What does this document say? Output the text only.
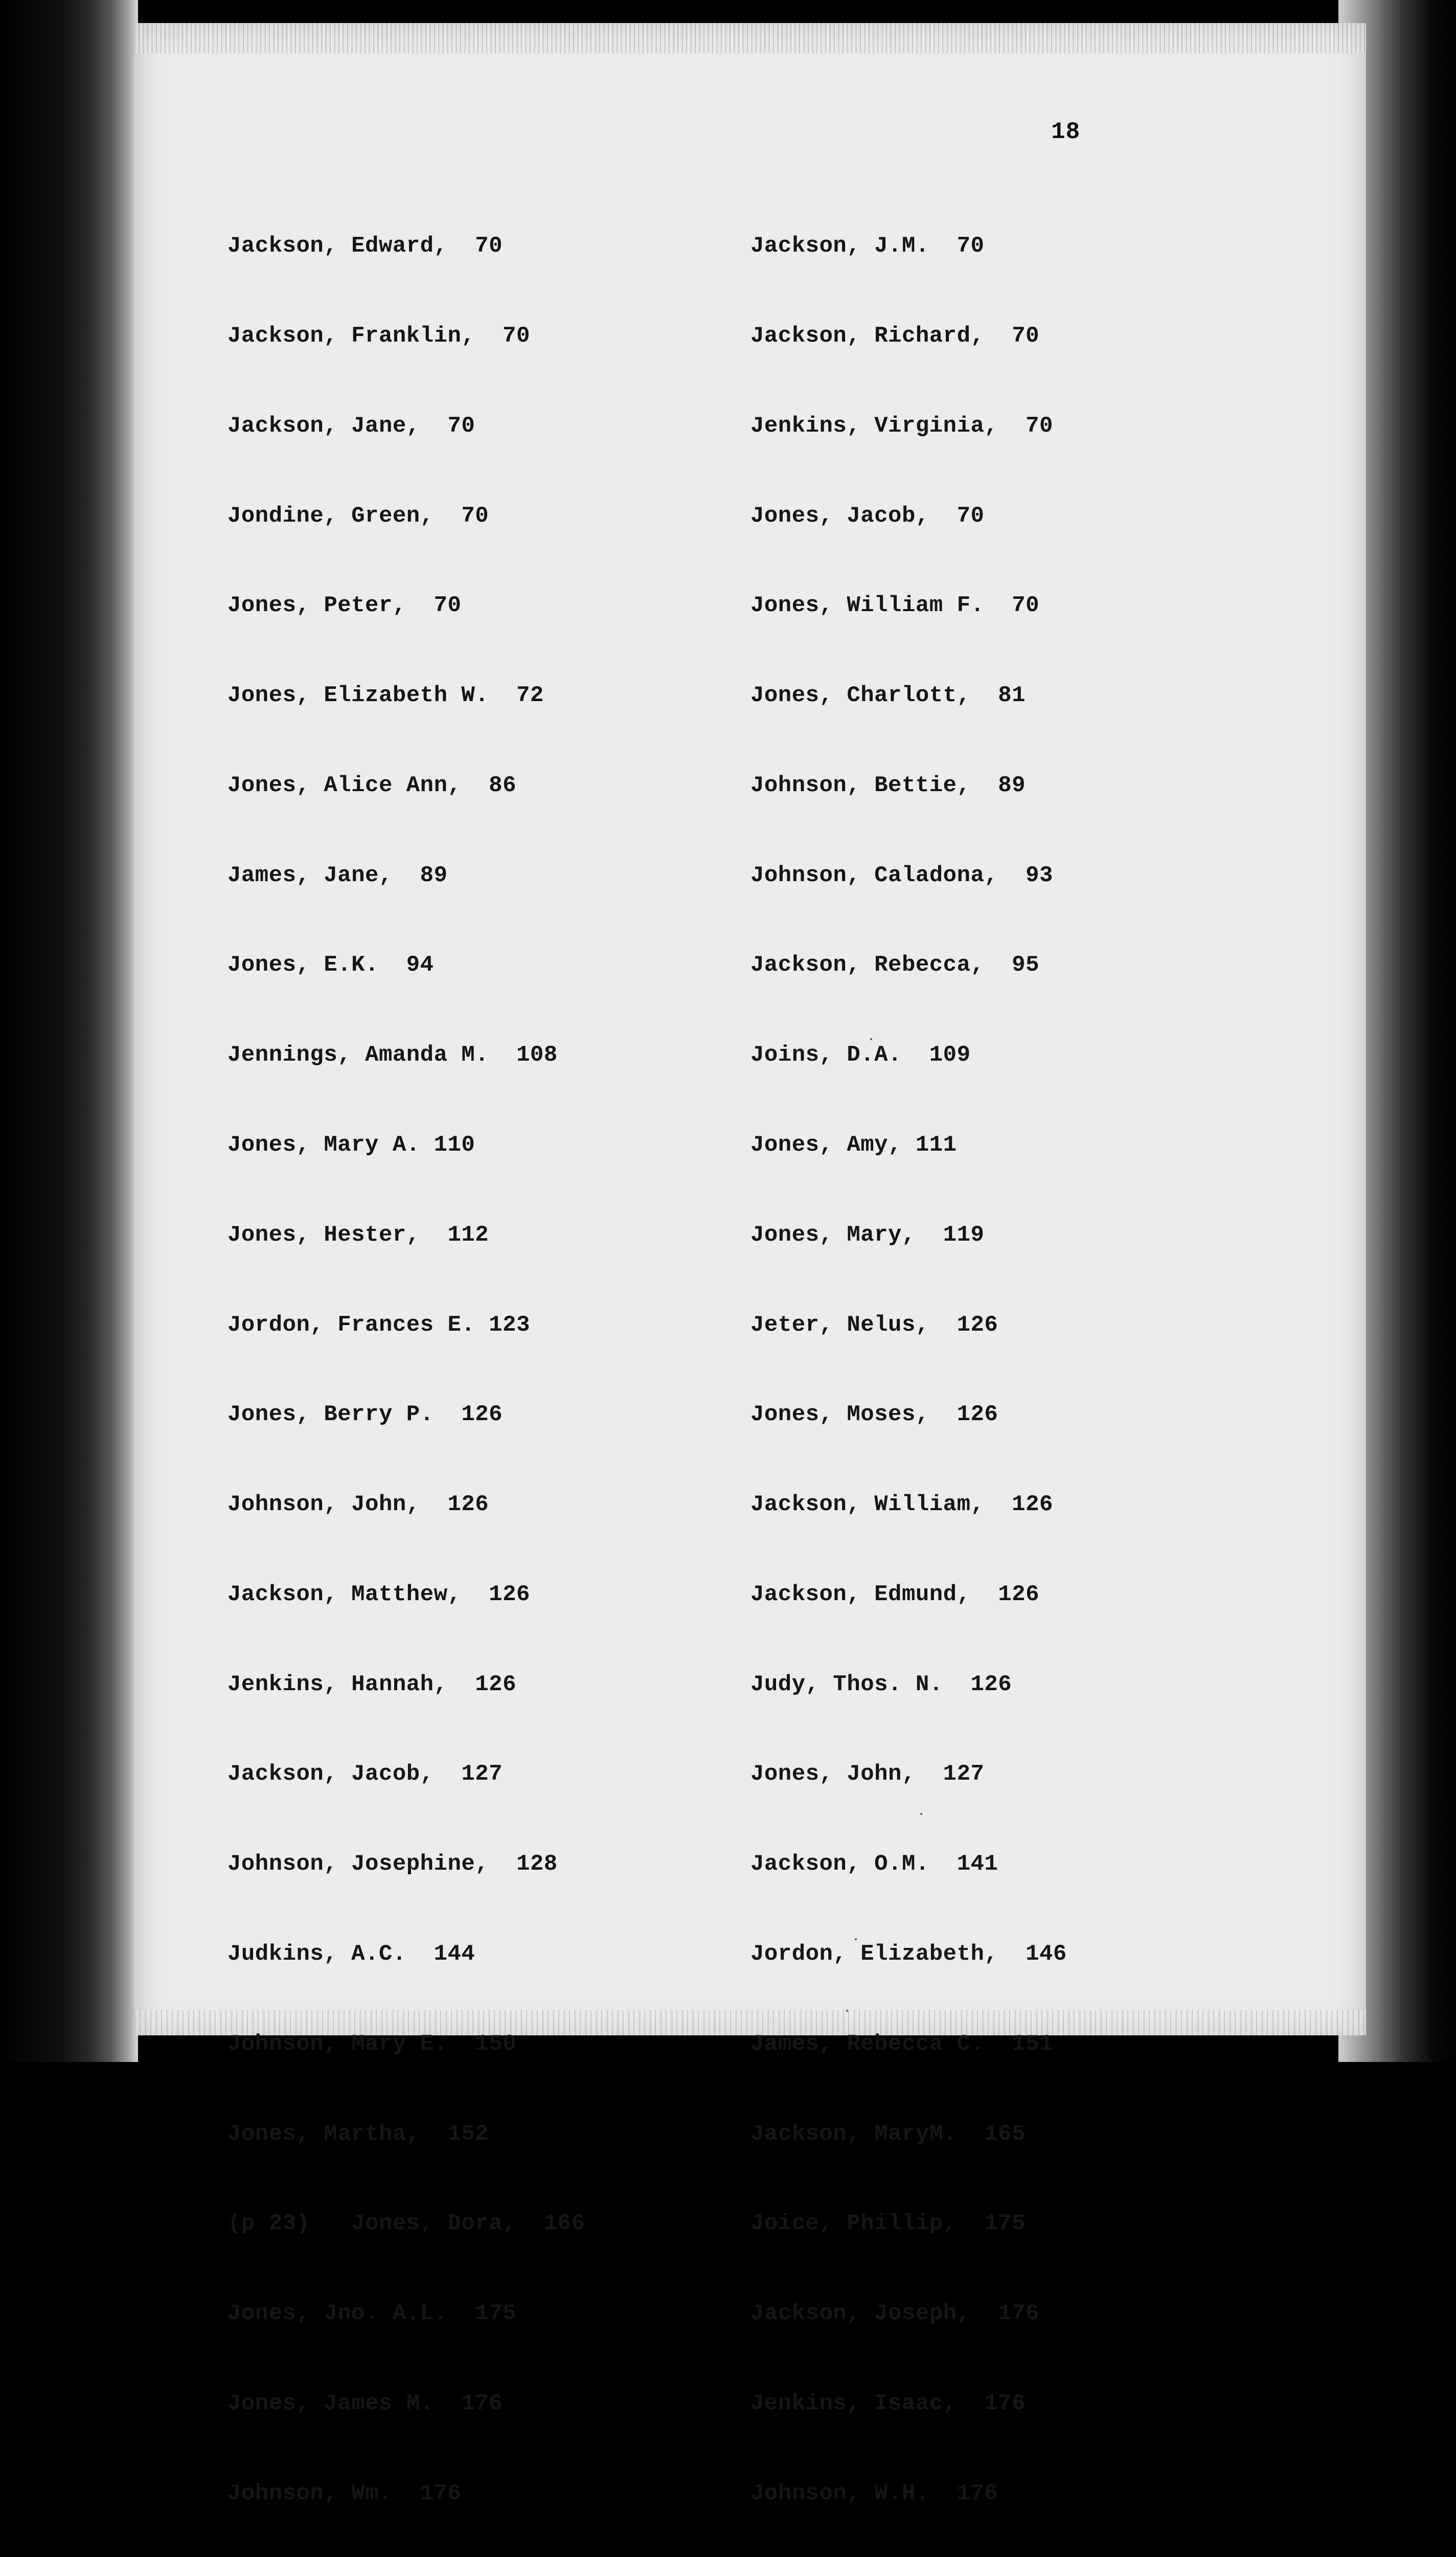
18

Jackson, Edward,  70

Jackson, Franklin,  70

Jackson, Jane,  70

Jondine, Green,  70

Jones, Peter,  70

Jones, Elizabeth W.  72

Jones, Alice Ann,  86

James, Jane,  89

Jones, E.K.  94

Jennings, Amanda M.  108

Jones, Mary A. 110

Jones, Hester,  112

Jordon, Frances E. 123

Jones, Berry P.  126

Johnson, John,  126

Jackson, Matthew,  126

Jenkins, Hannah,  126

Jackson, Jacob,  127

Johnson, Josephine,  128

Judkins, A.C.  144

Johnson, Mary E.  150

Jones, Martha,  152

(p 23)   Jones, Dora,  166

Jones, Jno. A.L.  175

Jones, James M.  176

Johnson, Wm.  176

Jackson, J.M.  70

Jackson, Richard,  70

Jenkins, Virginia,  70

Jones, Jacob,  70

Jones, William F.  70

Jones, Charlott,  81

Johnson, Bettie,  89

Johnson, Caladona,  93

Jackson, Rebecca,  95

Joins, D.A.  109

Jones, Amy, 111

Jones, Mary,  119

Jeter, Nelus,  126

Jones, Moses,  126

Jackson, William,  126

Jackson, Edmund,  126

Judy, Thos. N.  126

Jones, John,  127

Jackson, O.M.  141

Jordon, Elizabeth,  146

James, Rebecca C.  151

Jackson, MaryM.  165

Joice, Phillip,  175

Jackson, Joseph,  176

Jenkins, Isaac,  176

Johnson, W.H.  176
